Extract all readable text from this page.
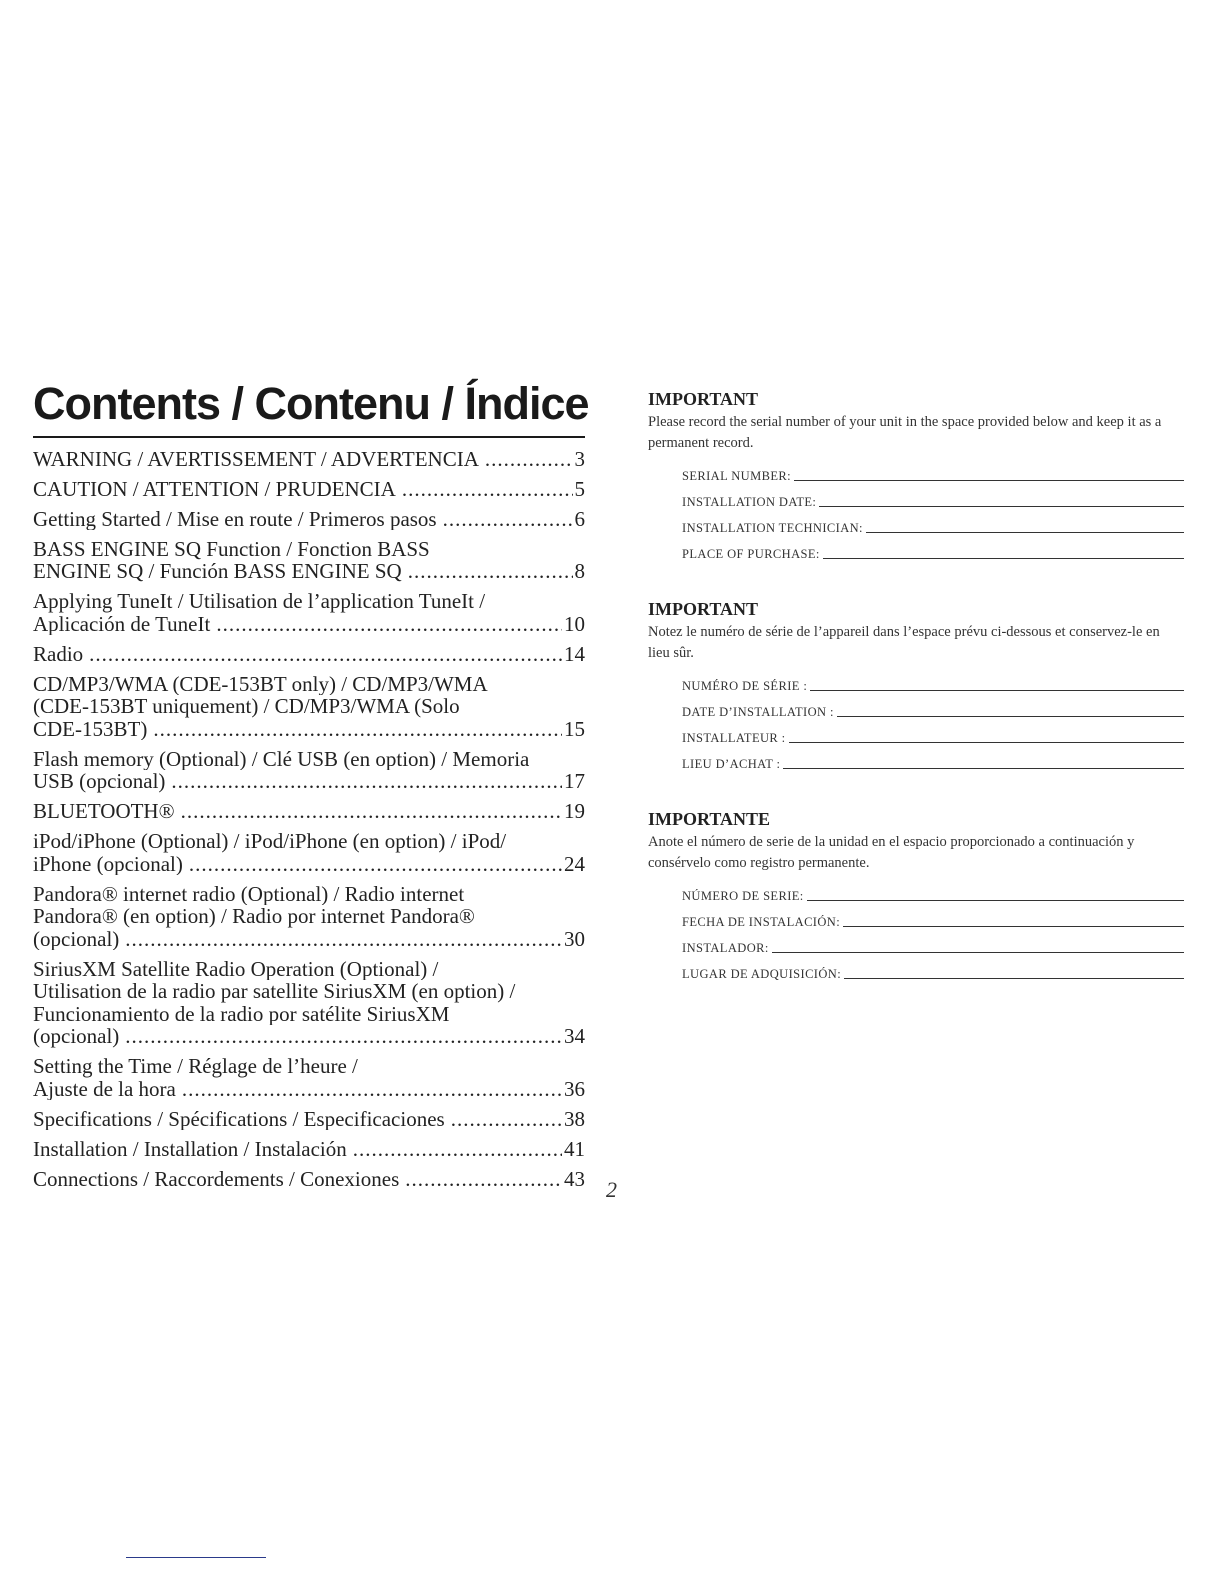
Contents / Contenu / Índice
WARNING / AVERTISSEMENT / ADVERTENCIA .....	3
CAUTION / ATTENTION / PRUDENCIA .....	5
Getting Started / Mise en route / Primeros pasos .....	6
BASS ENGINE SQ Function / Fonction BASS
ENGINE SQ / Función BASS ENGINE SQ .....	8
Applying TuneIt / Utilisation de l’application TuneIt /
Aplicación de TuneIt .....	10
Radio .....	14
CD/MP3/WMA (CDE-153BT only) / CD/MP3/WMA
(CDE-153BT uniquement) / CD/MP3/WMA (Solo
CDE-153BT) .....	15
Flash memory (Optional) / Clé USB (en option) / Memoria
USB (opcional) .....	17
BLUETOOTH® .....	19
iPod/iPhone (Optional) / iPod/iPhone (en option) / iPod/
iPhone (opcional) .....	24
Pandora® internet radio (Optional) / Radio internet
Pandora® (en option) / Radio por internet Pandora®
(opcional) .....	30
SiriusXM Satellite Radio Operation (Optional) /
Utilisation de la radio par satellite SiriusXM (en option) /
Funcionamiento de la radio por satélite SiriusXM
(opcional) .....	34
Setting the Time / Réglage de l’heure /
Ajuste de la hora .....	36
Specifications / Spécifications / Especificaciones .....	38
Installation / Installation / Instalación .....	41
Connections / Raccordements / Conexiones .....	43 2
IMPORTANT

Please record the serial number of your unit in the space provided below and keep it as a permanent record.

SERIAL NUMBER:
INSTALLATION DATE:
INSTALLATION TECHNICIAN:
PLACE OF PURCHASE:
IMPORTANT

Notez le numéro de série de l’appareil dans l’espace prévu ci-dessous et conservez-le en lieu sûr.

NUMÉRO DE SÉRIE :
DATE D’INSTALLATION :
INSTALLATEUR :
LIEU D’ACHAT :
IMPORTANTE

Anote el número de serie de la unidad en el espacio proporcionado a continuación y consérvelo como registro permanente.

NÚMERO DE SERIE:
FECHA DE INSTALACIÓN:
INSTALADOR:
LUGAR DE ADQUISICIÓN:
